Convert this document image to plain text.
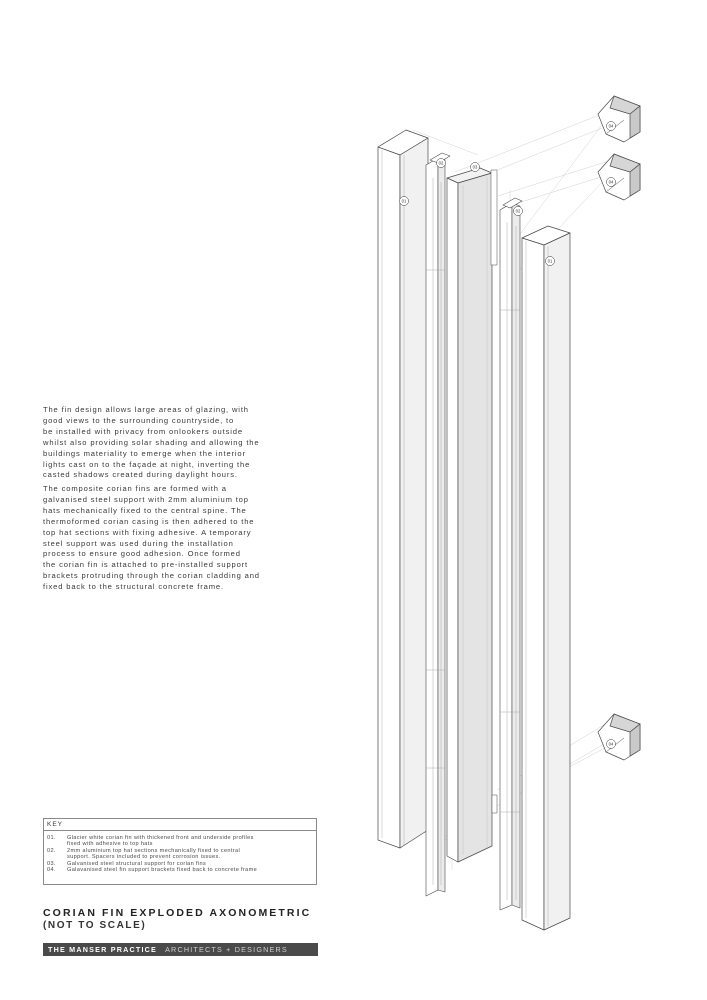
01
02
03
02
01
04
04
04

The fin design allows large areas of glazing, with
good views to the surrounding countryside, to
be installed with privacy from onlookers outside
whilst also providing solar shading and allowing the
buildings materiality to emerge when the interior
lights cast on to the façade at night, inverting the
casted shadows created during daylight hours.

The composite corian fins are formed with a
galvanised steel support with 2mm aluminium top
hats mechanically fixed to the central spine. The
thermoformed corian casing is then adhered to the
top hat sections with fixing adhesive. A temporary
steel support was used during the installation
process to ensure good adhesion. Once formed
the corian fin is attached to pre-installed support
brackets protruding through the corian cladding and
fixed back to the structural concrete frame.

KEY
01.	Glacier white corian fin with thickened front and underside profiles
fixed with adhesive to top hats
02.	2mm aluminium top hat sections mechanically fixed to central
support. Spacers included to prevent corrosion issues.
03.	Galvanised steel structural support for corian fins
04.	Galavanised steel fin support brackets fixed back to concrete frame
CORIAN FIN EXPLODED AXONOMETRIC
(NOT TO SCALE)
THE MANSER PRACTICE ARCHITECTS + DESIGNERS
